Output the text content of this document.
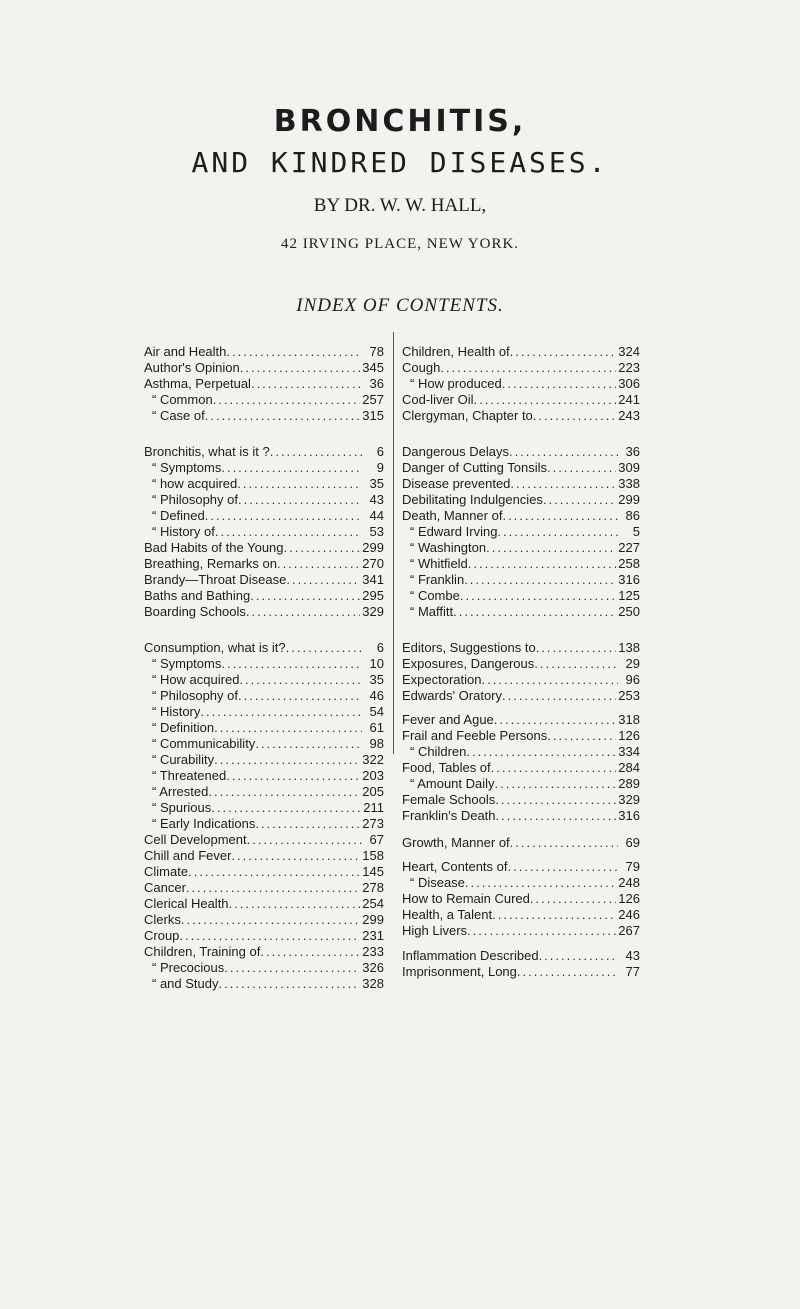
BRONCHITIS,
AND KINDRED DISEASES.
BY DR. W. W. HALL,
42 IRVING PLACE, NEW YORK.
INDEX OF CONTENTS.
Air and Health .....	78
Author's Opinion .....	345
Asthma, Perpetual .....	36
“ Common .....	257
“ Case of .....	315
Bronchitis, what is it ? .....	6
“ Symptoms .....	9
“ how acquired .....	35
“ Philosophy of .....	43
“ Defined .....	44
“ History of .....	53
Bad Habits of the Young .....	299
Breathing, Remarks on .....	270
Brandy—Throat Disease .....	341
Baths and Bathing .....	295
Boarding Schools .....	329
Consumption, what is it? .....	6
“ Symptoms .....	10
“ How acquired .....	35
“ Philosophy of .....	46
“ History .....	54
“ Definition .....	61
“ Communicability .....	98
“ Curability .....	322
“ Threatened .....	203
“ Arrested .....	205
“ Spurious .....	211
“ Early Indications .....	273
Cell Development .....	67
Chill and Fever .....	158
Climate .....	145
Cancer .....	278
Clerical Health .....	254
Clerks .....	299
Croup .....	231
Children, Training of .....	233
“ Precocious .....	326
“ and Study .....	328
Children, Health of .....	324
Cough .....	223
“ How produced .....	306
Cod-liver Oil .....	241
Clergyman, Chapter to .....	243
Dangerous Delays .....	36
Danger of Cutting Tonsils .....	309
Disease prevented .....	338
Debilitating Indulgencies .....	299
Death, Manner of .....	86
“ Edward Irving .....	5
“ Washington .....	227
“ Whitfield .....	258
“ Franklin .....	316
“ Combe .....	125
“ Maffitt .....	250
Editors, Suggestions to .....	138
Exposures, Dangerous .....	29
Expectoration .....	96
Edwards' Oratory .....	253
Fever and Ague .....	318
Frail and Feeble Persons .....	126
“ Children .....	334
Food, Tables of .....	284
“ Amount Daily .....	289
Female Schools .....	329
Franklin's Death .....	316
Growth, Manner of .....	69
Heart, Contents of .....	79
“ Disease .....	248
How to Remain Cured .....	126
Health, a Talent .....	246
High Livers .....	267
Inflammation Described .....	43
Imprisonment, Long .....	77
